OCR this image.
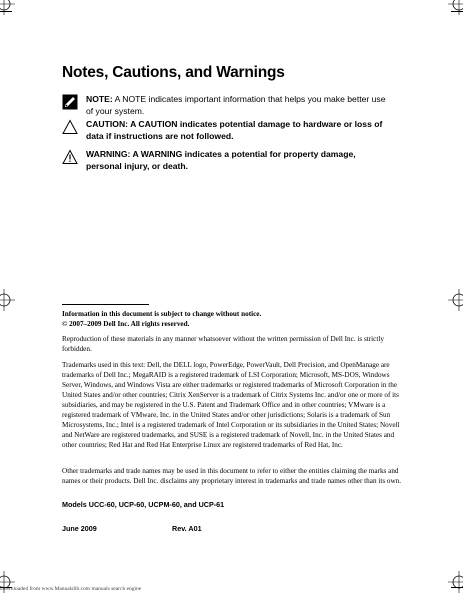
Notes, Cautions, and Warnings
NOTE: A NOTE indicates important information that helps you make better use of your system.
CAUTION: A CAUTION indicates potential damage to hardware or loss of data if instructions are not followed.
WARNING: A WARNING indicates a potential for property damage, personal injury, or death.

Information in this document is subject to change without notice.

© 2007–2009 Dell Inc. All rights reserved.

Reproduction of these materials in any manner whatsoever without the written permission of Dell Inc. is strictly forbidden.

Trademarks used in this text: Dell, the DELL logo, PowerEdge, PowerVault, Dell Precision, and OpenManage are trademarks of Dell Inc.; MegaRAID is a registered trademark of LSI Corporation; Microsoft, MS-DOS, Windows Server, Windows, and Windows Vista are either trademarks or registered trademarks of Microsoft Corporation in the United States and/or other countries; Citrix XenServer is a trademark of Citrix Systems Inc. and/or one or more of its subsidiaries, and may be registered in the U.S. Patent and Trademark Office and in other countries; VMware is a registered trademark of VMware, Inc. in the United States and/or other jurisdictions; Solaris is a trademark of Sun Microsystems, Inc.; Intel is a registered trademark of Intel Corporation or its subsidiaries in the United States; Novell and NetWare are registered trademarks, and SUSE is a registered trademark of Novell, Inc. in the United States and other countries; Red Hat and Red Hat Enterprise Linux are registered trademarks of Red Hat, Inc.

Other trademarks and trade names may be used in this document to refer to either the entities claiming the marks and names or their products. Dell Inc. disclaims any proprietary interest in trademarks and trade names other than its own.

Models UCC-60, UCP-60, UCPM-60, and UCP-61
June 2009	Rev. A01
Downloaded from www.Manualslib.com manuals search engine
